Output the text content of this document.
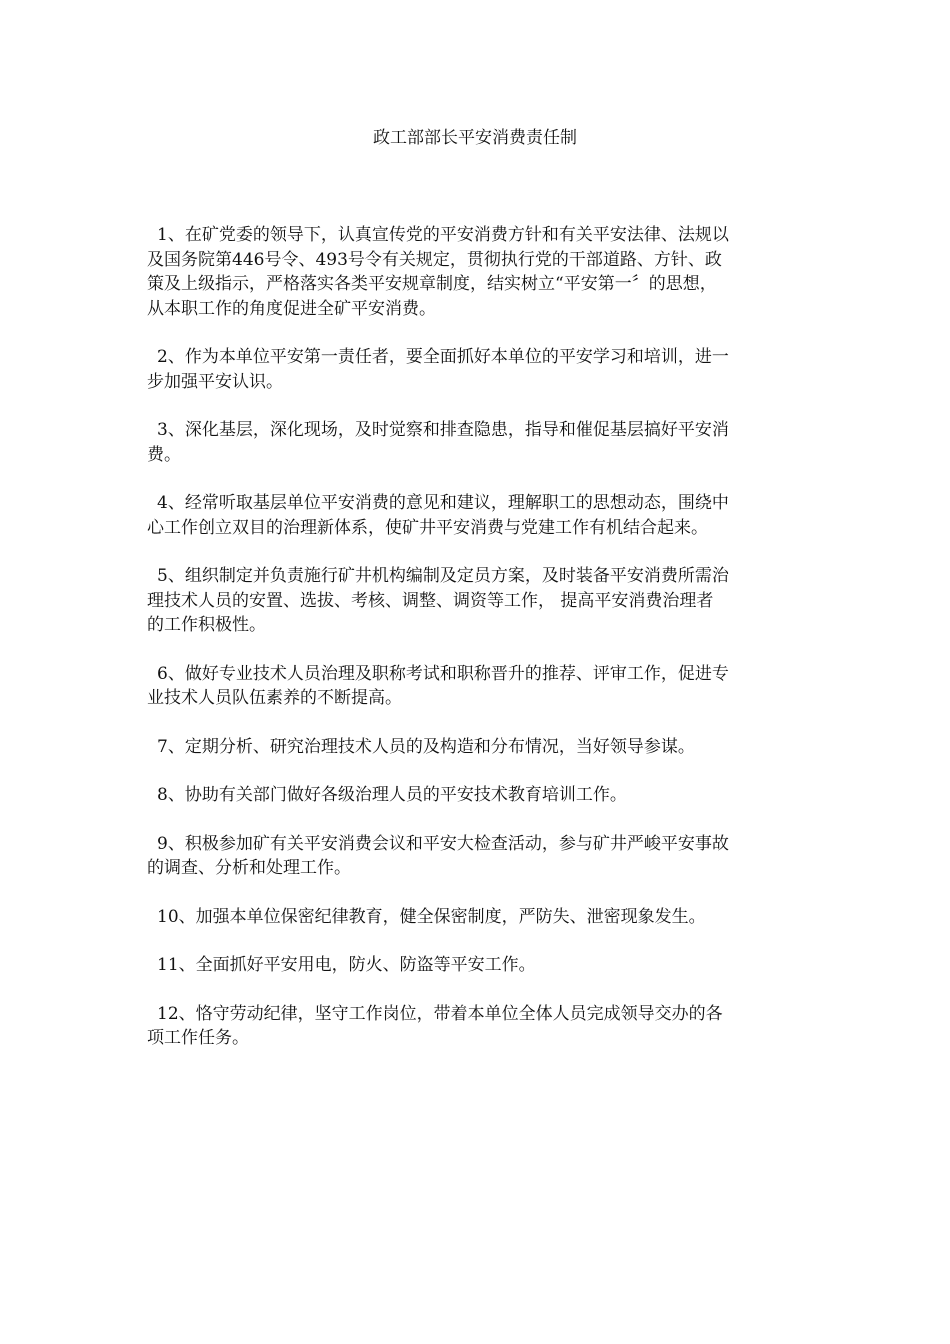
政工部部长平安消费责任制

1、在矿党委的领导下，认真宣传党的平安消费方针和有关平安法律、法规以
及国务院第446号令、493号令有关规定，贯彻执行党的干部道路、方针、政
策及上级指示，严格落实各类平安规章制度，结实树立“平安第一〞的思想，
从本职工作的角度促进全矿平安消费。

2、作为本单位平安第一责任者，要全面抓好本单位的平安学习和培训，进一
步加强平安认识。

3、深化基层，深化现场，及时觉察和排查隐患，指导和催促基层搞好平安消
费。

4、经常听取基层单位平安消费的意见和建议，理解职工的思想动态，围绕中
心工作创立双目的治理新体系，使矿井平安消费与党建工作有机结合起来。

5、组织制定并负责施行矿井机构编制及定员方案，及时装备平安消费所需治
理技术人员的安置、选拔、考核、调整、调资等工作， 提高平安消费治理者
的工作积极性。

6、做好专业技术人员治理及职称考试和职称晋升的推荐、评审工作，促进专
业技术人员队伍素养的不断提高。

7、定期分析、研究治理技术人员的及构造和分布情况，当好领导参谋。

8、协助有关部门做好各级治理人员的平安技术教育培训工作。

9、积极参加矿有关平安消费会议和平安大检查活动，参与矿井严峻平安事故
的调查、分析和处理工作。

10、加强本单位保密纪律教育，健全保密制度，严防失、泄密现象发生。

11、全面抓好平安用电，防火、防盗等平安工作。

12、恪守劳动纪律，坚守工作岗位，带着本单位全体人员完成领导交办的各
项工作任务。
